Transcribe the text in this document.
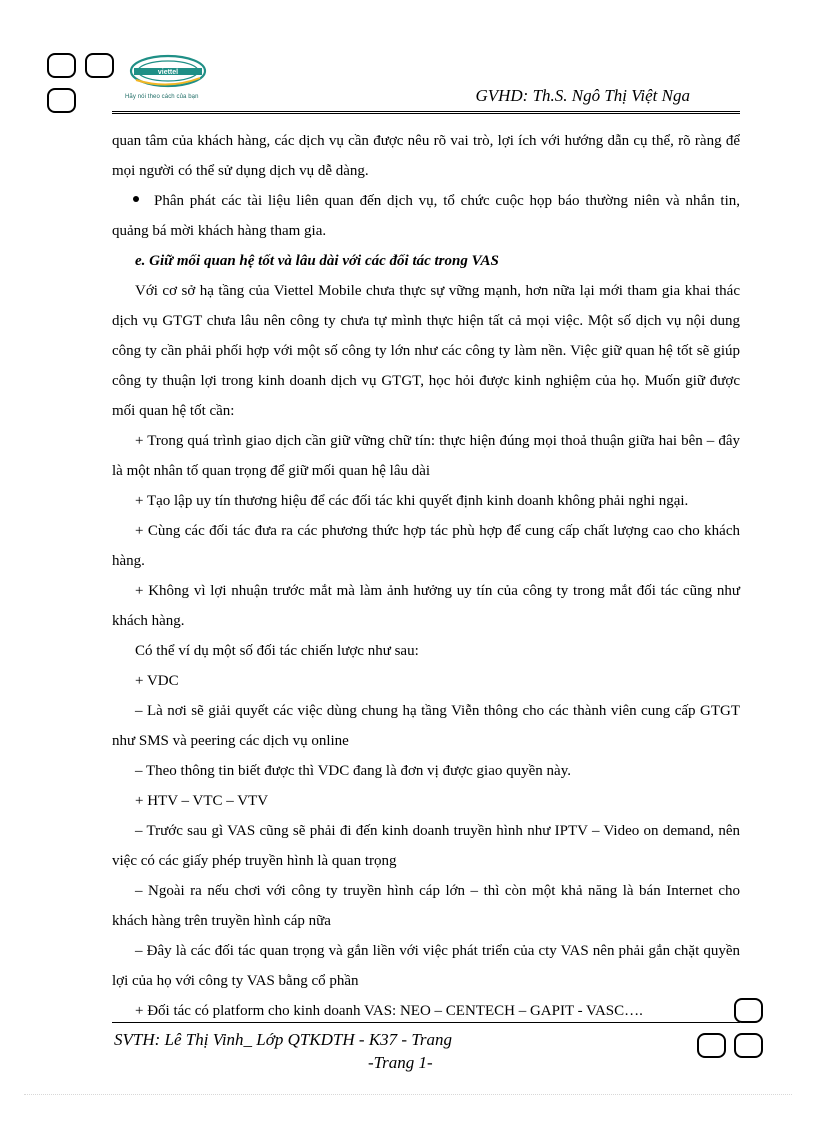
viettel
Hãy nói theo cách của bạn	GVHD: Th.S. Ngô Thị Việt Nga

quan tâm của khách hàng, các dịch vụ cần được nêu rõ vai trò, lợi ích với hướng dẫn cụ thể, rõ ràng để mọi người có thể sử dụng dịch vụ dễ dàng.

Phân phát các tài liệu liên quan đến dịch vụ, tổ chức cuộc họp báo thường niên và nhắn tin, quảng bá mời khách hàng tham gia.

e. Giữ mối quan hệ tốt và lâu dài với các đối tác trong VAS

Với cơ sở hạ tầng của Viettel Mobile chưa thực sự vững mạnh, hơn nữa lại mới tham gia khai thác dịch vụ GTGT chưa lâu nên công ty chưa tự mình thực hiện tất cả mọi việc. Một số dịch vụ nội dung công ty cần phải phối hợp với một số công ty lớn như các công ty làm nền. Việc giữ quan hệ tốt sẽ giúp công ty thuận lợi trong kinh doanh dịch vụ GTGT, học hỏi được kinh nghiệm của họ. Muốn giữ được mối quan hệ tốt cần:

+ Trong quá trình giao dịch cần giữ vững chữ tín: thực hiện đúng mọi thoả thuận giữa hai bên – đây là một nhân tố quan trọng để giữ mối quan hệ lâu dài

+ Tạo lập uy tín thương hiệu để các đối tác khi quyết định kinh doanh không phải nghi ngại.

+ Cùng các đối tác đưa ra các phương thức hợp tác phù hợp để cung cấp chất lượng cao cho khách hàng.

+ Không vì lợi nhuận trước mắt mà làm ảnh hưởng uy tín của công ty trong mắt đối tác cũng như khách hàng.

Có thể ví dụ một số đối tác chiến lược như sau:

+ VDC

– Là nơi sẽ giải quyết các việc dùng chung hạ tầng Viễn thông cho các thành viên cung cấp GTGT như SMS và peering các dịch vụ online

– Theo thông tin biết được thì VDC đang là đơn vị được giao quyền này.

+ HTV – VTC – VTV

– Trước sau gì VAS cũng sẽ phải đi đến kinh doanh truyền hình như IPTV – Video on demand, nên việc có các giấy phép truyền hình là quan trọng

– Ngoài ra nếu chơi với công ty truyền hình cáp lớn – thì còn một khả năng là bán Internet cho khách hàng trên truyền hình cáp nữa

– Đây là các đối tác quan trọng và gắn liền với việc phát triển của cty VAS nên phải gắn chặt quyền lợi của họ với công ty VAS bằng cổ phần

+ Đối tác có platform cho kinh doanh VAS: NEO – CENTECH – GAPIT - VASC….

SVTH: Lê Thị Vinh_ Lớp QTKDTH - K37 - Trang
-Trang 1-
